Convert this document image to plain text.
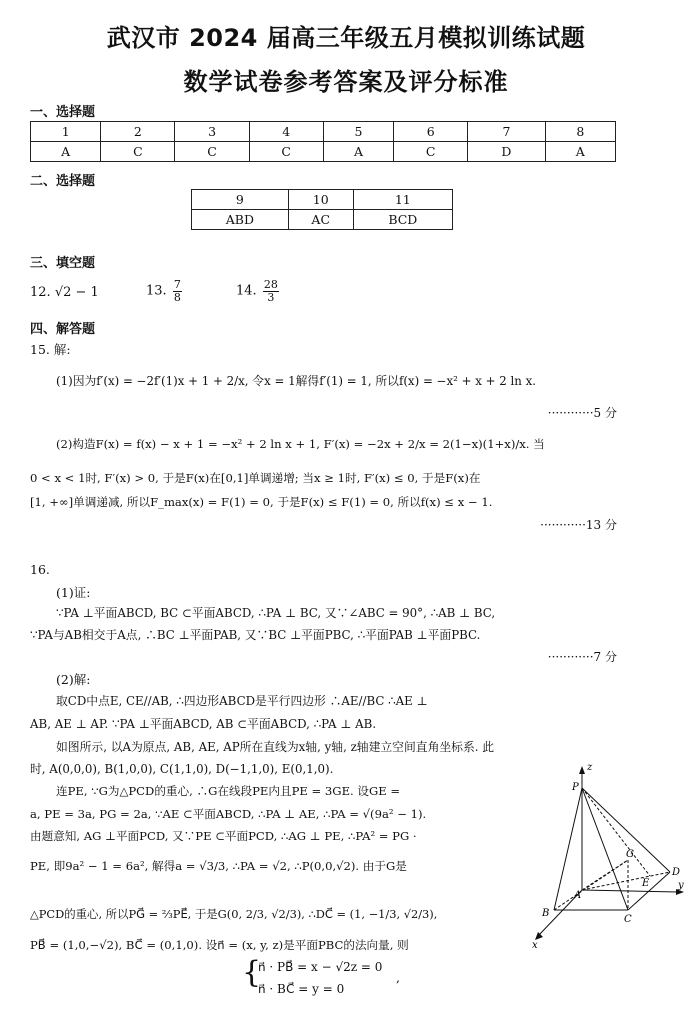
武汉市 2024 届高三年级五月模拟训练试题
数学试卷参考答案及评分标准
一、选择题
1	2	3	4	5	6	7	8
A	C	C	C	A	C	D	A
二、选择题
9	10	11
ABD	AC	BCD
三、填空题
12. √2 − 1	13. $\frac{7}{8}$	14. $\frac{28}{3}$
四、解答题
15. 解:
(1)因为f′(x) = −2f′(1)x + 1 + 2/x, 令x = 1解得f′(1) = 1, 所以f(x) = −x² + x + 2 ln x.
············5 分
(2)构造F(x) = f(x) − x + 1 = −x² + 2 ln x + 1, F′(x) = −2x + 2/x = 2(1−x)(1+x)/x. 当
0 < x < 1时, F′(x) > 0, 于是F(x)在[0,1]单调递增; 当x ≥ 1时, F′(x) ≤ 0, 于是F(x)在
[1, +∞]单调递减, 所以F_max(x) = F(1) = 0, 于是F(x) ≤ F(1) = 0, 所以f(x) ≤ x − 1.
············13 分
16.
(1)证:
∵PA ⊥平面ABCD, BC ⊂平面ABCD, ∴PA ⊥ BC, 又∵∠ABC = 90°, ∴AB ⊥ BC,
∵PA与AB相交于A点, ∴BC ⊥平面PAB, 又∵BC ⊥平面PBC, ∴平面PAB ⊥平面PBC.
············7 分
(2)解:
取CD中点E, CE//AB, ∴四边形ABCD是平行四边形 ∴AE//BC ∴AE ⊥
AB, AE ⊥ AP. ∵PA ⊥平面ABCD, AB ⊂平面ABCD, ∴PA ⊥ AB.
如图所示, 以A为原点, AB, AE, AP所在直线为x轴, y轴, z轴建立空间直角坐标系. 此
时, A(0,0,0), B(1,0,0), C(1,1,0), D(−1,1,0), E(0,1,0).
连PE, ∵G为△PCD的重心, ∴G在线段PE内且PE = 3GE. 设GE =
a, PE = 3a, PG = 2a, ∵AE ⊂平面ABCD, ∴PA ⊥ AE, ∴PA = √(9a² − 1).
由题意知, AG ⊥平面PCD, 又∵PE ⊂平面PCD, ∴AG ⊥ PE, ∴PA² = PG ·
PE, 即9a² − 1 = 6a², 解得a = √3/3, ∴PA = √2, ∴P(0,0,√2). 由于G是
△PCD的重心, 所以PG⃗ = ⅔PE⃗, 于是G(0, 2/3, √2/3), ∴DC⃗ = (1, −1/3, √2/3),
PB⃗ = (1,0,−√2), BC⃗ = (0,1,0). 设n⃗ = (x, y, z)是平面PBC的法向量, 则
{
n⃗ · PB⃗ = x − √2z = 0
n⃗ · BC⃗ = y = 0
,
z
P
G
A
E
D
B
C
y
x
